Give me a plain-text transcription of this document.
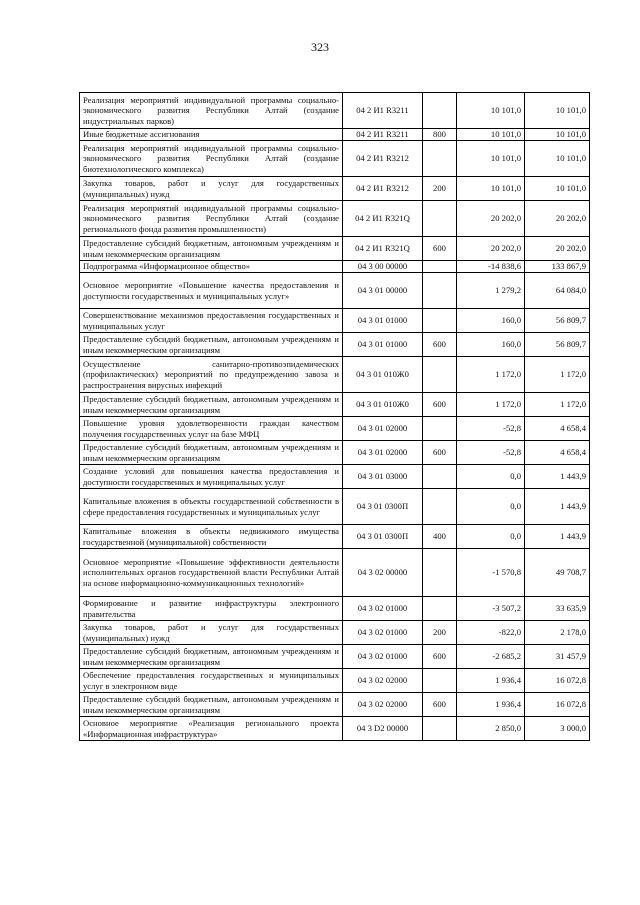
323
Реализация мероприятий индивидуальной программы социально-экономического развития Республики Алтай (создание индустриальных парков)	04 2 И1 R3211		10 101,0	10 101,0
Иные бюджетные ассигнования	04 2 И1 R3211	800	10 101,0	10 101,0
Реализация мероприятий индивидуальной программы социально-экономического развития Республики Алтай (создание биотехнологического комплекса)	04 2 И1 R3212		10 101,0	10 101,0
Закупка товаров, работ и услуг для государственных (муниципальных) нужд	04 2 И1 R3212	200	10 101,0	10 101,0
Реализация мероприятий индивидуальной программы социально-экономического развития Республики Алтай (создание регионального фонда развития промышленности)	04 2 И1 R321Q		20 202,0	20 202,0
Предоставление субсидий бюджетным, автономным учреждениям и иным некоммерческим организациям	04 2 И1 R321Q	600	20 202,0	20 202,0
Подпрограмма «Информационное общество»	04 3 00 00000		-14 838,6	133 867,9
Основное мероприятие «Повышение качества предоставления и доступности государственных и муниципальных услуг»	04 3 01 00000		1 279,2	64 084,0
Совершенствование механизмов предоставления государственных и муниципальных услуг	04 3 01 01000		160,0	56 809,7
Предоставление субсидий бюджетным, автономным учреждениям и иным некоммерческим организациям	04 3 01 01000	600	160,0	56 809,7
Осуществление санитарно-противоэпидемических (профилактических) мероприятий по предупреждению завоза и распространения вирусных инфекций	04 3 01 010Ж0		1 172,0	1 172,0
Предоставление субсидий бюджетным, автономным учреждениям и иным некоммерческим организациям	04 3 01 010Ж0	600	1 172,0	1 172,0
Повышение уровня удовлетворенности граждан качеством получения государственных услуг на базе МФЦ	04 3 01 02000		-52,8	4 658,4
Предоставление субсидий бюджетным, автономным учреждениям и иным некоммерческим организациям	04 3 01 02000	600	-52,8	4 658,4
Создание условий для повышения качества предоставления и доступности государственных и муниципальных услуг	04 3 01 03000		0,0	1 443,9
Капитальные вложения в объекты государственной собственности в сфере предоставления государственных и муниципальных услуг	04 3 01 0300П		0,0	1 443,9
Капитальные вложения в объекты недвижимого имущества государственной (муниципальной) собственности	04 3 01 0300П	400	0,0	1 443,9
Основное мероприятие «Повышение эффективности деятельности исполнительных органов государственной власти Республики Алтай на основе информационно-коммуникационных технологий»	04 3 02 00000		-1 570,8	49 708,7
Формирование и развитие инфраструктуры электронного правительства	04 3 02 01000		-3 507,2	33 635,9
Закупка товаров, работ и услуг для государственных (муниципальных) нужд	04 3 02 01000	200	-822,0	2 178,0
Предоставление субсидий бюджетным, автономным учреждениям и иным некоммерческим организациям	04 3 02 01000	600	-2 685,2	31 457,9
Обеспечение предоставления государственных и муниципальных услуг в электронном виде	04 3 02 02000		1 936,4	16 072,8
Предоставление субсидий бюджетным, автономным учреждениям и иным некоммерческим организациям	04 3 02 02000	600	1 936,4	16 072,8
Основное мероприятие «Реализация регионального проекта «Информационная инфраструктура»	04 3 D2 00000		2 850,0	3 000,0
